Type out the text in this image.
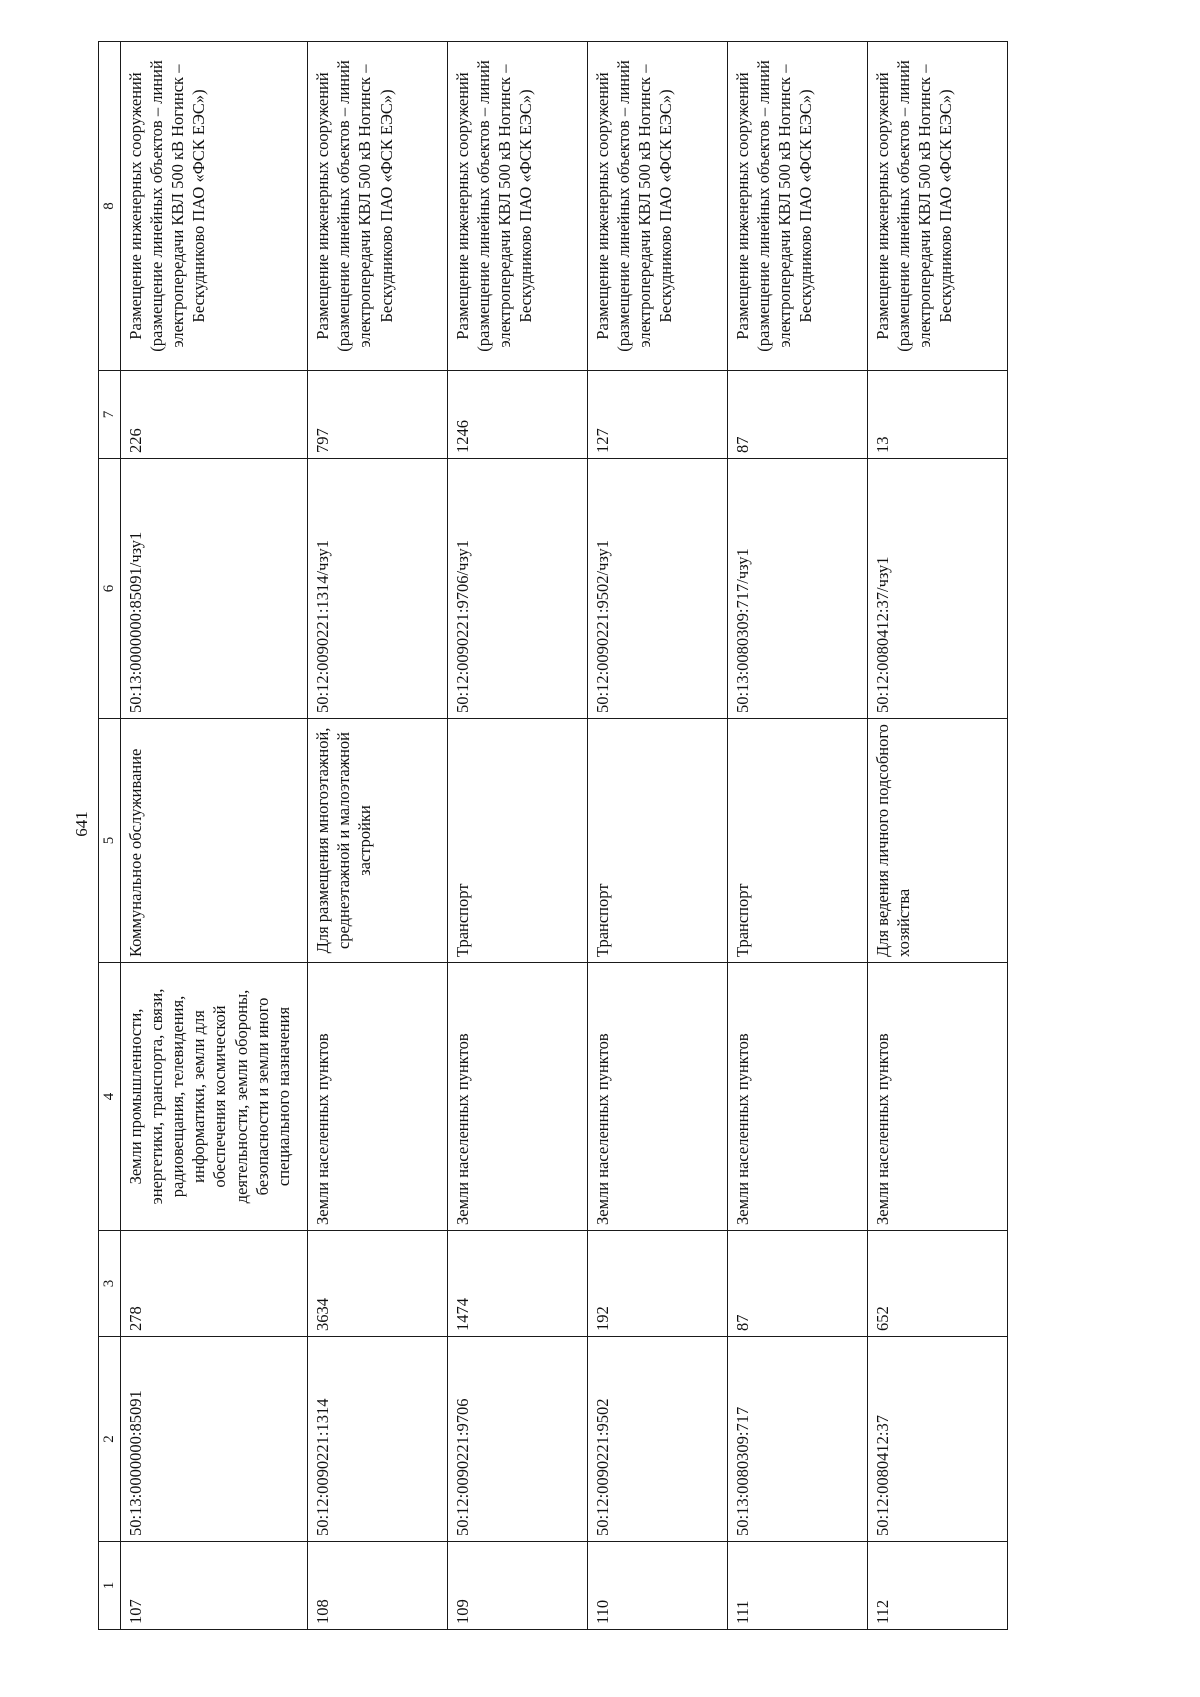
641
1	2	3	4	5	6	7	8
107	50:13:0000000:85091	278	Земли промышленности, энергетики, транспорта, связи, радиовещания, телевидения, информатики, земли для обеспечения космической деятельности, земли обороны, безопасности и земли иного специального назначения	Коммунальное обслуживание	50:13:0000000:85091/чзу1	226	Размещение инженерных сооружений (размещение линейных объектов – линий электропередачи КВЛ 500 кВ Ногинск – Бескудниково ПАО «ФСК ЕЭС»)
108	50:12:0090221:1314	3634	Земли населенных пунктов	Для размещения многоэтажной, среднеэтажной и малоэтажной застройки	50:12:0090221:1314/чзу1	797	Размещение инженерных сооружений (размещение линейных объектов – линий электропередачи КВЛ 500 кВ Ногинск – Бескудниково ПАО «ФСК ЕЭС»)
109	50:12:0090221:9706	1474	Земли населенных пунктов	Транспорт	50:12:0090221:9706/чзу1	1246	Размещение инженерных сооружений (размещение линейных объектов – линий электропередачи КВЛ 500 кВ Ногинск – Бескудниково ПАО «ФСК ЕЭС»)
110	50:12:0090221:9502	192	Земли населенных пунктов	Транспорт	50:12:0090221:9502/чзу1	127	Размещение инженерных сооружений (размещение линейных объектов – линий электропередачи КВЛ 500 кВ Ногинск – Бескудниково ПАО «ФСК ЕЭС»)
111	50:13:0080309:717	87	Земли населенных пунктов	Транспорт	50:13:0080309:717/чзу1	87	Размещение инженерных сооружений (размещение линейных объектов – линий электропередачи КВЛ 500 кВ Ногинск – Бескудниково ПАО «ФСК ЕЭС»)
112	50:12:0080412:37	652	Земли населенных пунктов	Для ведения личного подсобного хозяйства	50:12:0080412:37/чзу1	13	Размещение инженерных сооружений (размещение линейных объектов – линий электропередачи КВЛ 500 кВ Ногинск – Бескудниково ПАО «ФСК ЕЭС»)
